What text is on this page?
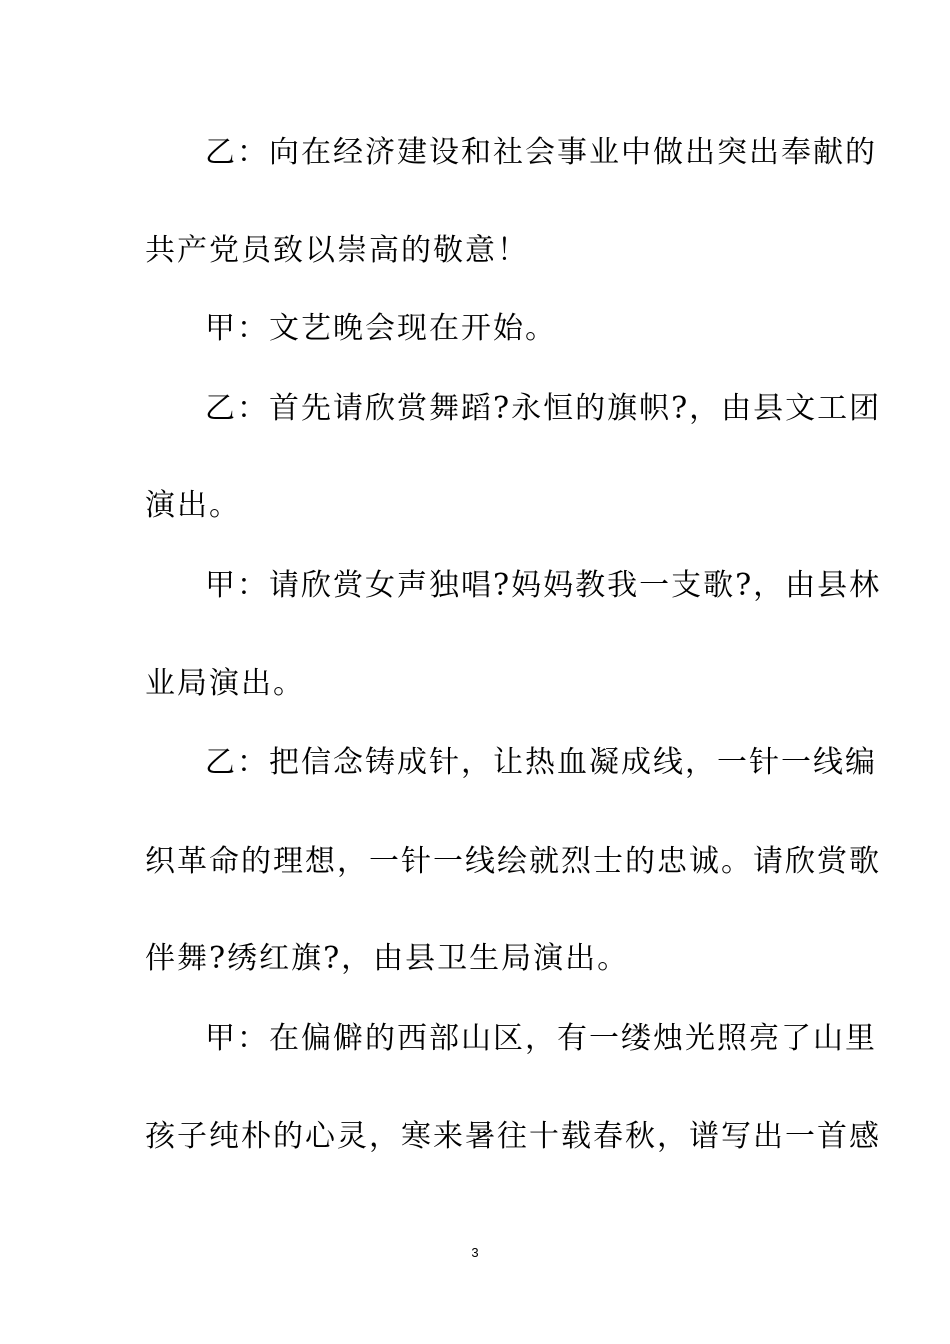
乙：向在经济建设和社会事业中做出突出奉献的
共产党员致以崇高的敬意！
甲：文艺晚会现在开始。
乙：首先请欣赏舞蹈?永恒的旗帜?，由县文工团
演出。
甲：请欣赏女声独唱?妈妈教我一支歌?，由县林
业局演出。
乙：把信念铸成针，让热血凝成线，一针一线编
织革命的理想，一针一线绘就烈士的忠诚。请欣赏歌
伴舞?绣红旗?，由县卫生局演出。
甲：在偏僻的西部山区，有一缕烛光照亮了山里
孩子纯朴的心灵，寒来暑往十载春秋，谱写出一首感
3
